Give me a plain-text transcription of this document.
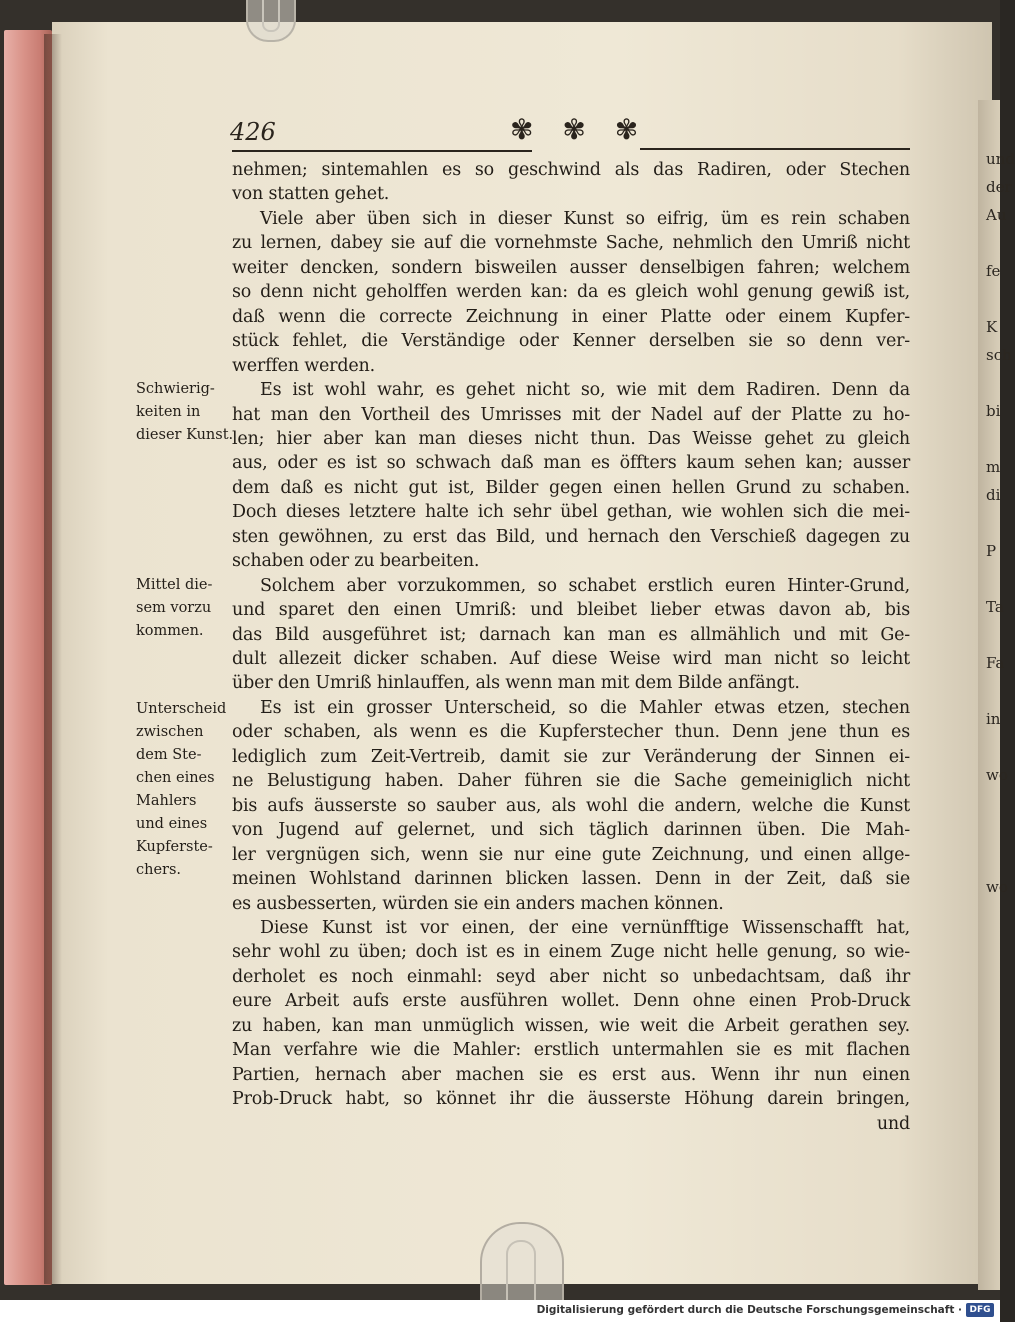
und
der
Au
fe
K
sch
bi
m
di
P
Ta
Fa
in
wo
wo
426	✾ ✾ ✾
nehmen; sintemahlen es so geschwind als das Radiren, oder Stechen
von statten gehet.
Viele aber üben sich in dieser Kunst so eifrig, üm es rein schaben
zu lernen, dabey sie auf die vornehmste Sache, nehmlich den Umriß nicht
weiter dencken, sondern bisweilen ausser denselbigen fahren; welchem
so denn nicht geholffen werden kan: da es gleich wohl genung gewiß ist,
daß wenn die correcte Zeichnung in einer Platte oder einem Kupfer-
stück fehlet, die Verständige oder Kenner derselben sie so denn ver-
werffen werden.
Es ist wohl wahr, es gehet nicht so, wie mit dem Radiren. Denn da
hat man den Vortheil des Umrisses mit der Nadel auf der Platte zu ho-
len; hier aber kan man dieses nicht thun. Das Weisse gehet zu gleich
aus, oder es ist so schwach daß man es öffters kaum sehen kan; ausser
dem daß es nicht gut ist, Bilder gegen einen hellen Grund zu schaben.
Doch dieses letztere halte ich sehr übel gethan, wie wohlen sich die mei-
sten gewöhnen, zu erst das Bild, und hernach den Verschieß dagegen zu
schaben oder zu bearbeiten.
Solchem aber vorzukommen, so schabet erstlich euren Hinter-Grund,
und sparet den einen Umriß: und bleibet lieber etwas davon ab, bis
das Bild ausgeführet ist; darnach kan man es allmählich und mit Ge-
dult allezeit dicker schaben. Auf diese Weise wird man nicht so leicht
über den Umriß hinlauffen, als wenn man mit dem Bilde anfängt.
Es ist ein grosser Unterscheid, so die Mahler etwas etzen, stechen
oder schaben, als wenn es die Kupferstecher thun. Denn jene thun es
lediglich zum Zeit-Vertreib, damit sie zur Veränderung der Sinnen ei-
ne Belustigung haben. Daher führen sie die Sache gemeiniglich nicht
bis aufs äusserste so sauber aus, als wohl die andern, welche die Kunst
von Jugend auf gelernet, und sich täglich darinnen üben. Die Mah-
ler vergnügen sich, wenn sie nur eine gute Zeichnung, und einen allge-
meinen Wohlstand darinnen blicken lassen. Denn in der Zeit, daß sie
es ausbesserten, würden sie ein anders machen können.
Diese Kunst ist vor einen, der eine vernünfftige Wissenschafft hat,
sehr wohl zu üben; doch ist es in einem Zuge nicht helle genung, so wie-
derholet es noch einmahl: seyd aber nicht so unbedachtsam, daß ihr
eure Arbeit aufs erste ausführen wollet. Denn ohne einen Prob-Druck
zu haben, kan man unmüglich wissen, wie weit die Arbeit gerathen sey.
Man verfahre wie die Mahler: erstlich untermahlen sie es mit flachen
Partien, hernach aber machen sie es erst aus. Wenn ihr nun einen
Prob-Druck habt, so könnet ihr die äusserste Höhung darein bringen,
und
Schwierig-
keiten in
dieser Kunst.
Mittel die-
sem vorzu
kommen.
Unterscheid
zwischen
dem Ste-
chen eines
Mahlers
und eines
Kupferste-
chers.
Digitalisierung gefördert durch die Deutsche Forschungsgemeinschaft · DFG
